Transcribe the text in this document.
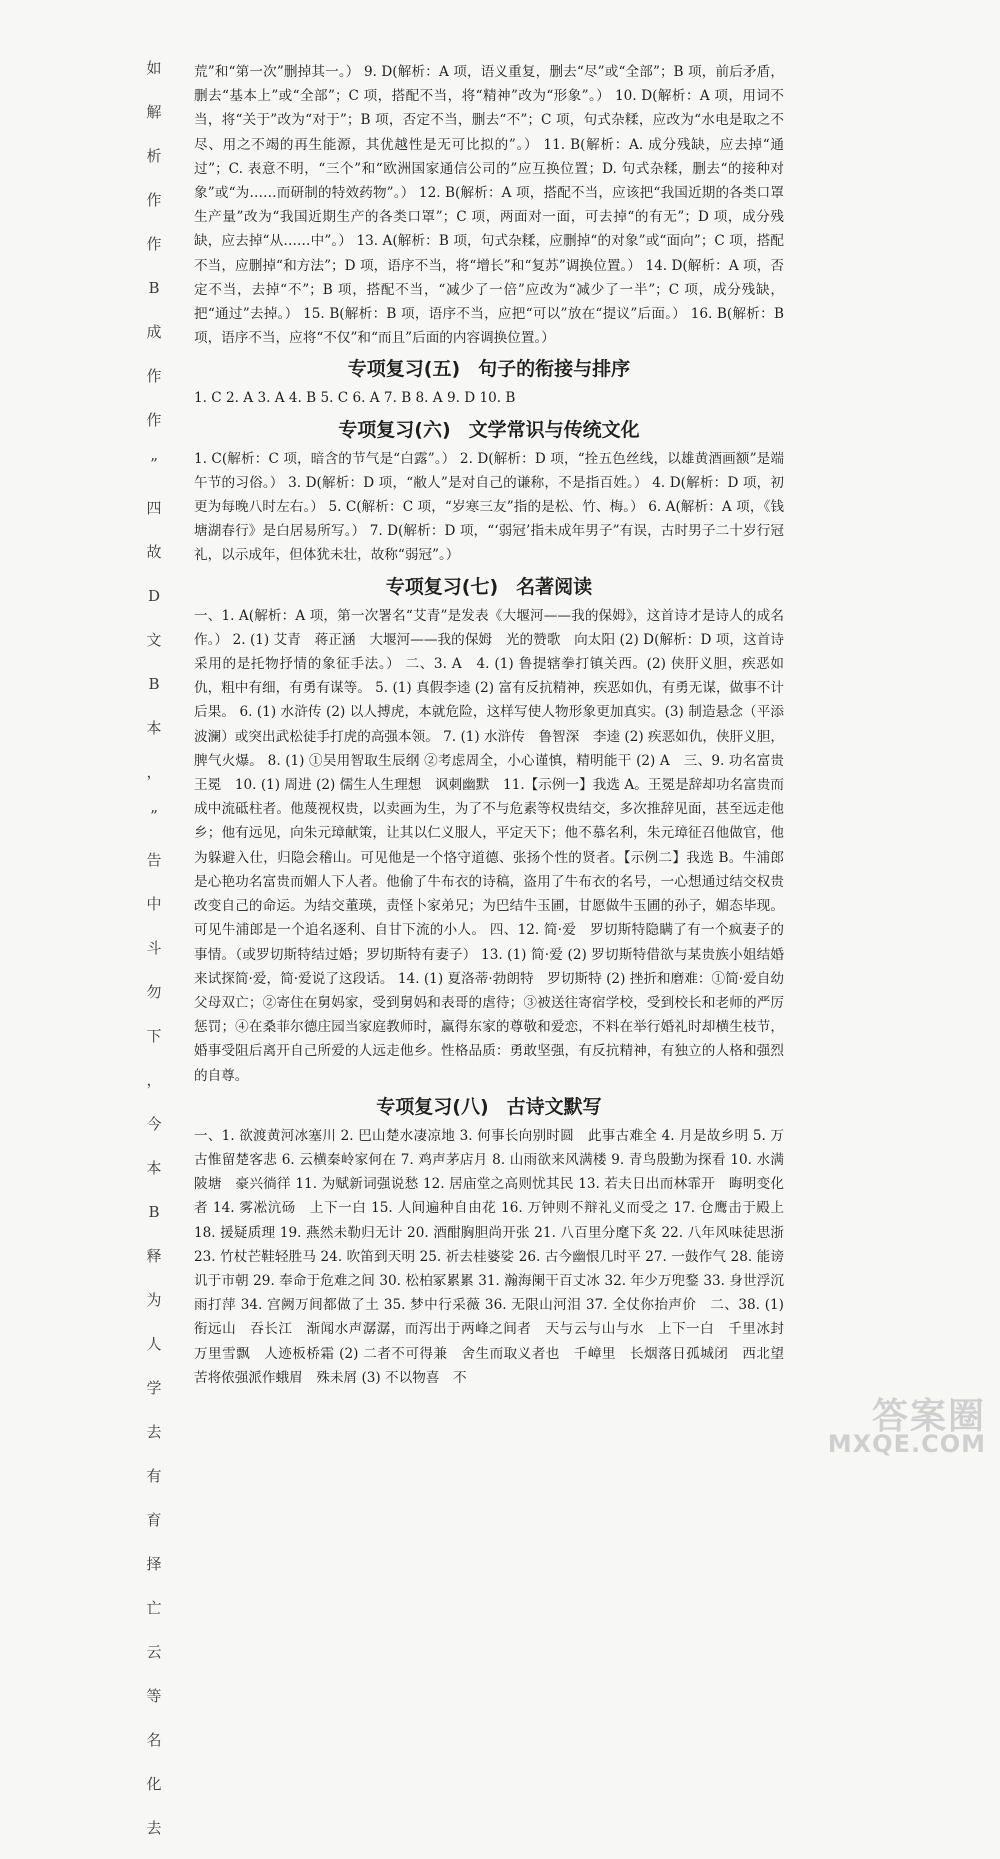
如
解
析
作
作
B
成
作
作
”
四
故
D
文
B
本
，
”
告
中
斗
勿
下
，
今
本
B
释
为
人
学
去
有
育
择
亡
云
等
名
化
去

荒”和“第一次”删掉其一。） 9. D(解析：A 项，语义重复，删去“尽”或“全部”；B 项，前后矛盾，删去“基本上”或“全部”；C 项，搭配不当，将“精神”改为“形象”。） 10. D(解析：A 项，用词不当，将“关于”改为“对于”；B 项，否定不当，删去“不”；C 项，句式杂糅，应改为“水电是取之不尽、用之不竭的再生能源，其优越性是无可比拟的”。） 11. B(解析：A. 成分残缺，应去掉“通过”；C. 表意不明，“三个”和“欧洲国家通信公司的”应互换位置；D. 句式杂糅，删去“的接种对象”或“为……而研制的特效药物”。） 12. B(解析：A 项，搭配不当，应该把“我国近期的各类口罩生产量”改为“我国近期生产的各类口罩”；C 项，两面对一面，可去掉“的有无”；D 项，成分残缺，应去掉“从……中”。） 13. A(解析：B 项，句式杂糅，应删掉“的对象”或“面向”；C 项，搭配不当，应删掉“和方法”；D 项，语序不当，将“增长”和“复苏”调换位置。） 14. D(解析：A 项，否定不当，去掉“不”；B 项，搭配不当，“减少了一倍”应改为“减少了一半”；C 项，成分残缺，把“通过”去掉。） 15. B(解析：B 项，语序不当，应把“可以”放在“提议”后面。） 16. B(解析：B 项，语序不当，应将“不仅”和“而且”后面的内容调换位置。）

专项复习(五) 句子的衔接与排序

1. C 2. A 3. A 4. B 5. C 6. A 7. B 8. A 9. D 10. B

专项复习(六) 文学常识与传统文化

1. C(解析：C 项，暗含的节气是“白露”。） 2. D(解析：D 项，“拴五色丝线，以雄黄酒画额”是端午节的习俗。） 3. D(解析：D 项，“敝人”是对自己的谦称，不是指百姓。） 4. D(解析：D 项，初更为每晚八时左右。） 5. C(解析：C 项，“岁寒三友”指的是松、竹、梅。） 6. A(解析：A 项，《钱塘湖春行》是白居易所写。） 7. D(解析：D 项，“‘弱冠’指未成年男子”有误，古时男子二十岁行冠礼，以示成年，但体犹未壮，故称“弱冠”。）

专项复习(七) 名著阅读

一、1. A(解析：A 项，第一次署名“艾青”是发表《大堰河——我的保姆》，这首诗才是诗人的成名作。） 2. (1) 艾青　蒋正涵　大堰河——我的保姆　光的赞歌　向太阳 (2) D(解析：D 项，这首诗采用的是托物抒情的象征手法。） 二、3. A　4. (1) 鲁提辖拳打镇关西。(2) 侠肝义胆，疾恶如仇，粗中有细，有勇有谋等。 5. (1) 真假李逵 (2) 富有反抗精神，疾恶如仇，有勇无谋，做事不计后果。 6. (1) 水浒传 (2) 以人搏虎，本就危险，这样写使人物形象更加真实。(3) 制造悬念（平添波澜）或突出武松徒手打虎的高强本领。 7. (1) 水浒传　鲁智深　李逵 (2) 疾恶如仇，侠肝义胆，脾气火爆。 8. (1) ①吴用智取生辰纲 ②考虑周全，小心谨慎，精明能干 (2) A　三、9. 功名富贵　王冕　10. (1) 周进 (2) 儒生人生理想　讽刺幽默　11.【示例一】我选 A。王冕是辞却功名富贵而成中流砥柱者。他蔑视权贵，以卖画为生，为了不与危素等权贵结交，多次推辞见面，甚至远走他乡；他有远见，向朱元璋献策，让其以仁义服人，平定天下；他不慕名利，朱元璋征召他做官，他为躲避入仕，归隐会稽山。可见他是一个恪守道德、张扬个性的贤者。【示例二】我选 B。牛浦郎是心艳功名富贵而媚人下人者。他偷了牛布衣的诗稿，盗用了牛布衣的名号，一心想通过结交权贵改变自己的命运。为结交董瑛，责怪卜家弟兄；为巴结牛玉圃，甘愿做牛玉圃的孙子，媚态毕现。可见牛浦郎是一个追名逐利、自甘下流的小人。 四、12. 简·爱　罗切斯特隐瞒了有一个疯妻子的事情。（或罗切斯特结过婚；罗切斯特有妻子） 13. (1) 简·爱 (2) 罗切斯特借欲与某贵族小姐结婚来试探简·爱，简·爱说了这段话。 14. (1) 夏洛蒂·勃朗特　罗切斯特 (2) 挫折和磨难：①简·爱自幼父母双亡；②寄住在舅妈家，受到舅妈和表哥的虐待；③被送往寄宿学校，受到校长和老师的严厉惩罚；④在桑菲尔德庄园当家庭教师时，赢得东家的尊敬和爱恋，不料在举行婚礼时却横生枝节，婚事受阻后离开自己所爱的人远走他乡。性格品质：勇敢坚强，有反抗精神，有独立的人格和强烈的自尊。

专项复习(八) 古诗文默写

一、1. 欲渡黄河冰塞川 2. 巴山楚水凄凉地 3. 何事长向别时圆　此事古难全 4. 月是故乡明 5. 万古惟留楚客悲 6. 云横秦岭家何在 7. 鸡声茅店月 8. 山雨欲来风满楼 9. 青鸟殷勤为探看 10. 水满陂塘　豪兴徜徉 11. 为赋新词强说愁 12. 居庙堂之高则忧其民 13. 若夫日出而林霏开　晦明变化者 14. 雾凇沆砀　上下一白 15. 人间遍种自由花 16. 万钟则不辩礼义而受之 17. 仓鹰击于殿上 18. 援疑质理 19. 燕然未勒归无计 20. 酒酣胸胆尚开张 21. 八百里分麾下炙 22. 八年风味徒思浙 23. 竹杖芒鞋轻胜马 24. 吹笛到天明 25. 祈去桂婆娑 26. 古今幽恨几时平 27. 一鼓作气 28. 能谤讥于市朝 29. 奉命于危难之间 30. 松柏冢累累 31. 瀚海阑干百丈冰 32. 年少万兜鍪 33. 身世浮沉雨打萍 34. 宫阙万间都做了土 35. 梦中行采薇 36. 无限山河泪 37. 全仗你抬声价　二、38. (1) 衔远山　吞长江　渐闻水声潺潺，而泻出于两峰之间者　天与云与山与水　上下一白　千里冰封　万里雪飘　人迹板桥霜 (2) 二者不可得兼　舍生而取义者也　千嶂里　长烟落日孤城闭　西北望　苦将侬强派作蛾眉　殊未屑 (3) 不以物喜　不

答案圈
MXQE.COM
